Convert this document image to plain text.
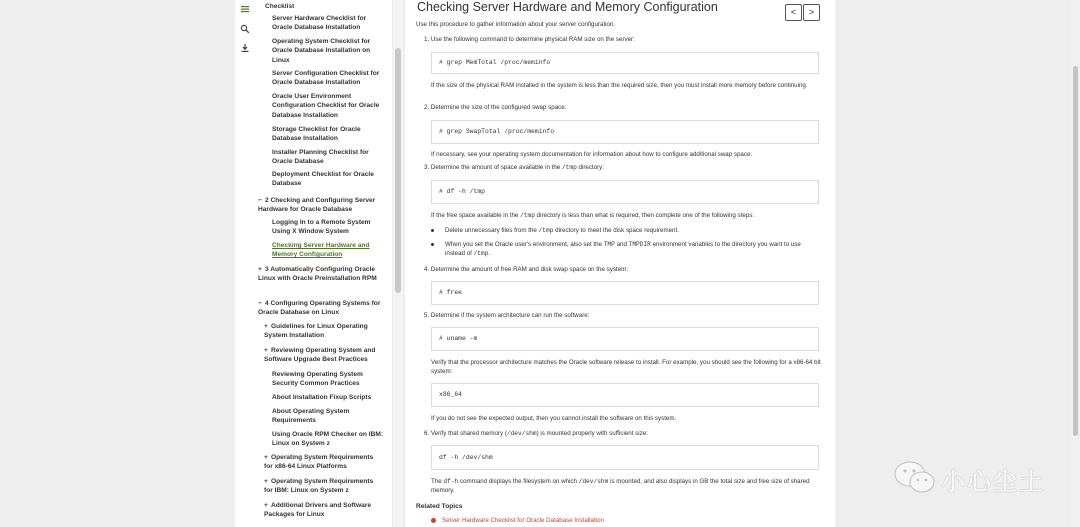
Checklist
Server Hardware Checklist for Oracle Database Installation
Operating System Checklist for Oracle Database Installation on Linux
Server Configuration Checklist for Oracle Database Installation
Oracle User Environment Configuration Checklist for Oracle Database Installation
Storage Checklist for Oracle Database Installation
Installer Planning Checklist for Oracle Database
Deployment Checklist for Oracle Database
− 2 Checking and Configuring Server Hardware for Oracle Database
Logging In to a Remote System Using X Window System
Checking Server Hardware and Memory Configuration
+ 3 Automatically Configuring Oracle Linux with Oracle Preinstallation RPM
− 4 Configuring Operating Systems for Oracle Database on Linux
+ Guidelines for Linux Operating System Installation
+ Reviewing Operating System and Software Upgrade Best Practices
Reviewing Operating System Security Common Practices
About Installation Fixup Scripts
About Operating System Requirements
Using Oracle RPM Checker on IBM: Linux on System z
+ Operating System Requirements for x86-64 Linux Platforms
+ Operating System Requirements for IBM: Linux on System z
+ Additional Drivers and Software Packages for Linux
Checking Server Hardware and Memory Configuration	<	>
Use this procedure to gather information about your server configuration.
1. Use the following command to determine physical RAM size on the server:
# grep MemTotal /proc/meminfo
If the size of the physical RAM installed in the system is less than the required size, then you must install more memory before continuing.
2. Determine the size of the configured swap space:
# grep SwapTotal /proc/meminfo
If necessary, see your operating system documentation for information about how to configure additional swap space.
3. Determine the amount of space available in the /tmp directory:
# df -h /tmp
If the free space available in the /tmp directory is less than what is required, then complete one of the following steps:
Delete unnecessary files from the /tmp directory to meet the disk space requirement.
When you set the Oracle user's environment, also set the TMP and TMPDIR environment variables to the directory you want to use instead of /tmp.
4. Determine the amount of free RAM and disk swap space on the system:
# free
5. Determine if the system architecture can run the software:
# uname -m
Verify that the processor architecture matches the Oracle software release to install. For example, you should see the following for a x86-64 bit system:
x86_64
If you do not see the expected output, then you cannot install the software on this system.
6. Verify that shared memory (/dev/shm) is mounted properly with sufficient size:
df -h /dev/shm
The df-h command displays the filesystem on which /dev/shm is mounted, and also displays in GB the total size and free size of shared memory.
Related Topics
Server Hardware Checklist for Oracle Database Installation
小心尘土
